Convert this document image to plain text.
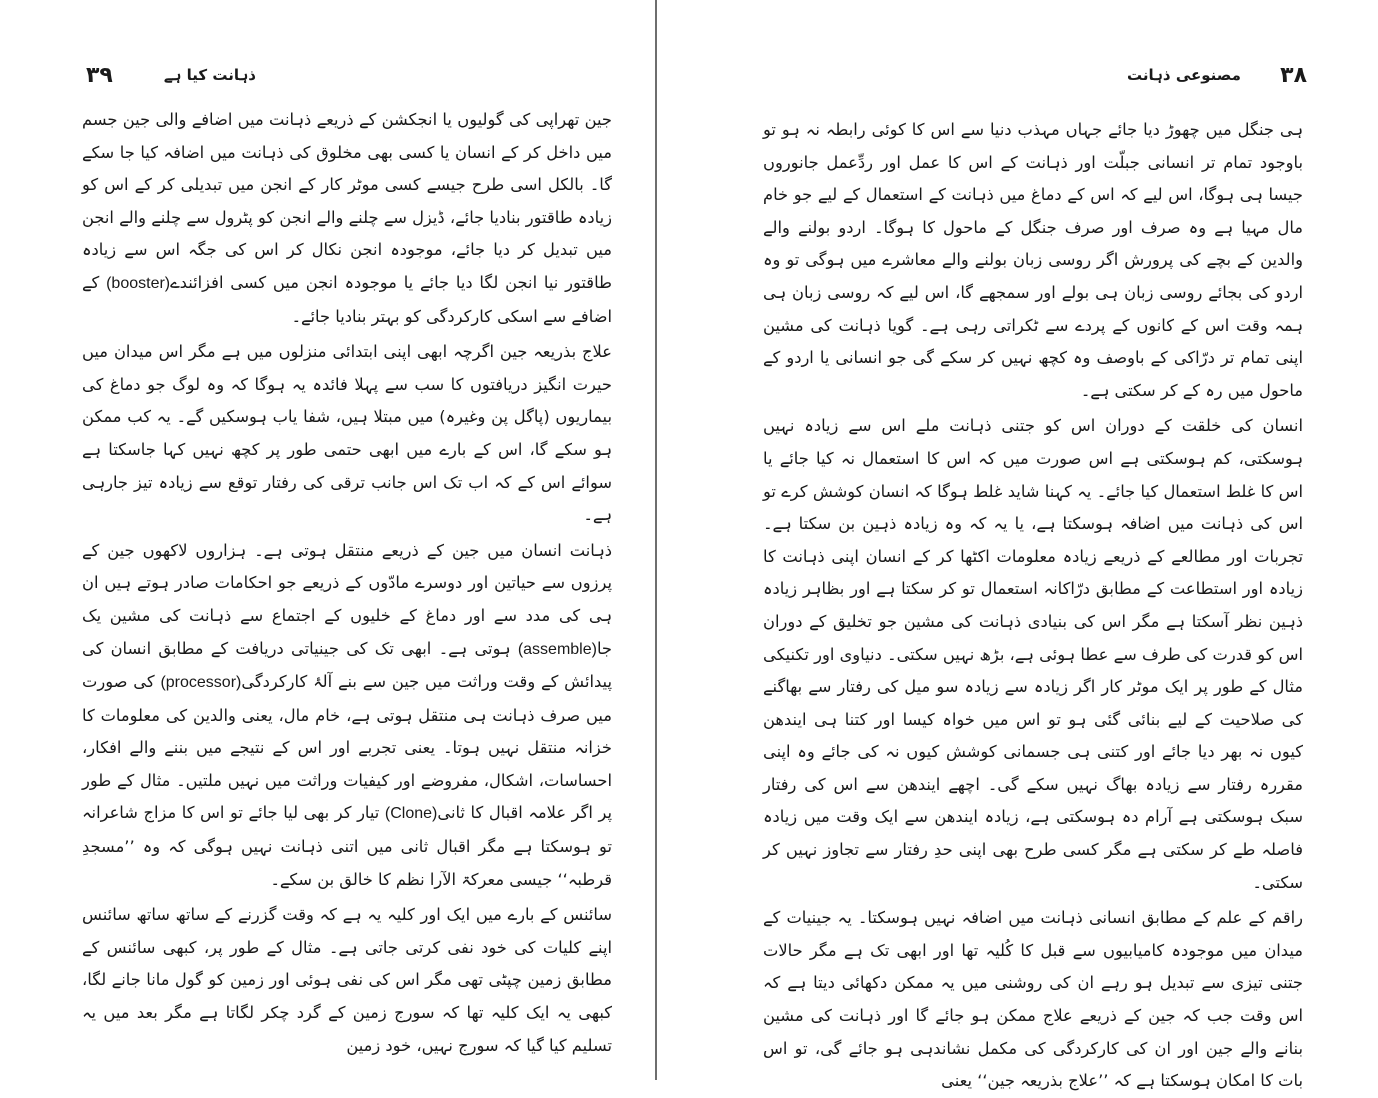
ذہانت کیا ہے
۳۹

جین تھراپی کی گولیوں یا انجکشن کے ذریعے ذہانت میں اضافے والی جین جسم میں داخل کر کے انسان یا کسی بھی مخلوق کی ذہانت میں اضافہ کیا جا سکے گا۔ بالکل اسی طرح جیسے کسی موٹر کار کے انجن میں تبدیلی کر کے اس کو زیادہ طاقتور بنادیا جائے، ڈیزل سے چلنے والے انجن کو پٹرول سے چلنے والے انجن میں تبدیل کر دیا جائے، موجودہ انجن نکال کر اس کی جگہ اس سے زیادہ طاقتور نیا انجن لگا دیا جائے یا موجودہ انجن میں کسی افزائندے(booster) کے اضافے سے اسکی کارکردگی کو بہتر بنادیا جائے۔

علاج بذریعہ جین اگرچہ ابھی اپنی ابتدائی منزلوں میں ہے مگر اس میدان میں حیرت انگیز دریافتوں کا سب سے پہلا فائدہ یہ ہوگا کہ وہ لوگ جو دماغ کی بیماریوں (پاگل پن وغیرہ) میں مبتلا ہیں، شفا یاب ہوسکیں گے۔ یہ کب ممکن ہو سکے گا، اس کے بارے میں ابھی حتمی طور پر کچھ نہیں کہا جاسکتا ہے سوائے اس کے کہ اب تک اس جانب ترقی کی رفتار توقع سے زیادہ تیز جارہی ہے۔

ذہانت انسان میں جین کے ذریعے منتقل ہوتی ہے۔ ہزاروں لاکھوں جین کے پرزوں سے حیاتین اور دوسرے مادّوں کے ذریعے جو احکامات صادر ہوتے ہیں ان ہی کی مدد سے اور دماغ کے خلیوں کے اجتماع سے ذہانت کی مشین یک جا(assemble) ہوتی ہے۔ ابھی تک کی جینیاتی دریافت کے مطابق انسان کی پیدائش کے وقت وراثت میں جین سے بنے آلۂ کارکردگی(processor) کی صورت میں صرف ذہانت ہی منتقل ہوتی ہے، خام مال، یعنی والدین کی معلومات کا خزانہ منتقل نہیں ہوتا۔ یعنی تجربے اور اس کے نتیجے میں بننے والے افکار، احساسات، اشکال، مفروضے اور کیفیات وراثت میں نہیں ملتیں۔ مثال کے طور پر اگر علامہ اقبال کا ثانی(Clone) تیار کر بھی لیا جائے تو اس کا مزاج شاعرانہ تو ہوسکتا ہے مگر اقبال ثانی میں اتنی ذہانت نہیں ہوگی کہ وہ ’’مسجدِ قرطبہ‘‘ جیسی معرکۃ الآرا نظم کا خالق بن سکے۔

سائنس کے بارے میں ایک اور کلیہ یہ ہے کہ وقت گزرنے کے ساتھ ساتھ سائنس اپنے کلیات کی خود نفی کرتی جاتی ہے۔ مثال کے طور پر، کبھی سائنس کے مطابق زمین چپٹی تھی مگر اس کی نفی ہوئی اور زمین کو گول مانا جانے لگا، کبھی یہ ایک کلیہ تھا کہ سورج زمین کے گرد چکر لگاتا ہے مگر بعد میں یہ تسلیم کیا گیا کہ سورج نہیں، خود زمین

۳۸
مصنوعی ذہانت

ہی جنگل میں چھوڑ دیا جائے جہاں مہذب دنیا سے اس کا کوئی رابطہ نہ ہو تو باوجود تمام تر انسانی جبلّت اور ذہانت کے اس کا عمل اور ردِّعمل جانوروں جیسا ہی ہوگا، اس لیے کہ اس کے دماغ میں ذہانت کے استعمال کے لیے جو خام مال مہیا ہے وہ صرف اور صرف جنگل کے ماحول کا ہوگا۔ اردو بولنے والے والدین کے بچے کی پرورش اگر روسی زبان بولنے والے معاشرے میں ہوگی تو وہ اردو کی بجائے روسی زبان ہی بولے اور سمجھے گا، اس لیے کہ روسی زبان ہی ہمہ وقت اس کے کانوں کے پردے سے ٹکراتی رہی ہے۔ گویا ذہانت کی مشین اپنی تمام تر درّاکی کے باوصف وہ کچھ نہیں کر سکے گی جو انسانی یا اردو کے ماحول میں رہ کے کر سکتی ہے۔

انسان کی خلقت کے دوران اس کو جتنی ذہانت ملے اس سے زیادہ نہیں ہوسکتی، کم ہوسکتی ہے اس صورت میں کہ اس کا استعمال نہ کیا جائے یا اس کا غلط استعمال کیا جائے۔ یہ کہنا شاید غلط ہوگا کہ انسان کوشش کرے تو اس کی ذہانت میں اضافہ ہوسکتا ہے، یا یہ کہ وہ زیادہ ذہین بن سکتا ہے۔ تجربات اور مطالعے کے ذریعے زیادہ معلومات اکٹھا کر کے انسان اپنی ذہانت کا زیادہ اور استطاعت کے مطابق درّاکانہ استعمال تو کر سکتا ہے اور بظاہر زیادہ ذہین نظر آسکتا ہے مگر اس کی بنیادی ذہانت کی مشین جو تخلیق کے دوران اس کو قدرت کی طرف سے عطا ہوئی ہے، بڑھ نہیں سکتی۔ دنیاوی اور تکنیکی مثال کے طور پر ایک موٹر کار اگر زیادہ سے زیادہ سو میل کی رفتار سے بھاگنے کی صلاحیت کے لیے بنائی گئی ہو تو اس میں خواہ کیسا اور کتنا ہی ایندھن کیوں نہ بھر دیا جائے اور کتنی ہی جسمانی کوشش کیوں نہ کی جائے وہ اپنی مقررہ رفتار سے زیادہ بھاگ نہیں سکے گی۔ اچھے ایندھن سے اس کی رفتار سبک ہوسکتی ہے آرام دہ ہوسکتی ہے، زیادہ ایندھن سے ایک وقت میں زیادہ فاصلہ طے کر سکتی ہے مگر کسی طرح بھی اپنی حدِ رفتار سے تجاوز نہیں کر سکتی۔

راقم کے علم کے مطابق انسانی ذہانت میں اضافہ نہیں ہوسکتا۔ یہ جینیات کے میدان میں موجودہ کامیابیوں سے قبل کا کُلیہ تھا اور ابھی تک ہے مگر حالات جتنی تیزی سے تبدیل ہو رہے ان کی روشنی میں یہ ممکن دکھائی دیتا ہے کہ اس وقت جب کہ جین کے ذریعے علاج ممکن ہو جائے گا اور ذہانت کی مشین بنانے والے جین اور ان کی کارکردگی کی مکمل نشاندہی ہو جائے گی، تو اس بات کا امکان ہوسکتا ہے کہ ’’علاج بذریعہ جین‘‘ یعنی
